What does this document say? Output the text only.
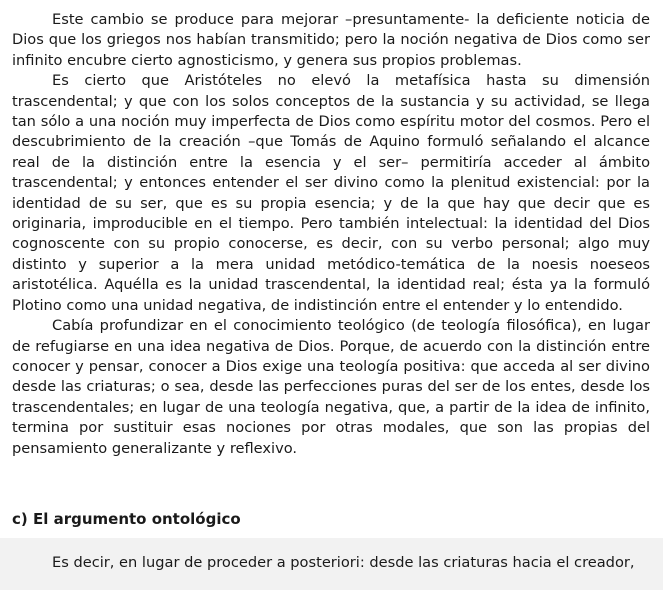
Este cambio se produce para mejorar –presuntamente- la deficiente noticia de Dios que los griegos nos habían transmitido; pero la noción negativa de Dios como ser infinito encubre cierto agnosticismo, y genera sus propios problemas.

Es cierto que Aristóteles no elevó la metafísica hasta su dimensión trascendental; y que con los solos conceptos de la sustancia y su actividad, se llega tan sólo a una noción muy imperfecta de Dios como espíritu motor del cosmos. Pero el descubrimiento de la creación –que Tomás de Aquino formuló señalando el alcance real de la distinción entre la esencia y el ser– permitiría acceder al ámbito trascendental; y entonces entender el ser divino como la plenitud existencial: por la identidad de su ser, que es su propia esencia; y de la que hay que decir que es originaria, improducible en el tiempo. Pero también intelectual: la identidad del Dios cognoscente con su propio conocerse, es decir, con su verbo personal; algo muy distinto y superior a la mera unidad metódico-temática de la noesis noeseos aristotélica. Aquélla es la unidad trascendental, la identidad real; ésta ya la formuló Plotino como una unidad negativa, de indistinción entre el entender y lo entendido.

Cabía profundizar en el conocimiento teológico (de teología filosófica), en lugar de refugiarse en una idea negativa de Dios. Porque, de acuerdo con la distinción entre conocer y pensar, conocer a Dios exige una teología positiva: que acceda al ser divino desde las criaturas; o sea, desde las perfecciones puras del ser de los entes, desde los trascendentales; en lugar de una teología negativa, que, a partir de la idea de infinito, termina por sustituir esas nociones por otras modales, que son las propias del pensamiento generalizante y reflexivo.

c) El argumento ontológico

Es decir, en lugar de proceder a posteriori: desde las criaturas hacia el creador,
